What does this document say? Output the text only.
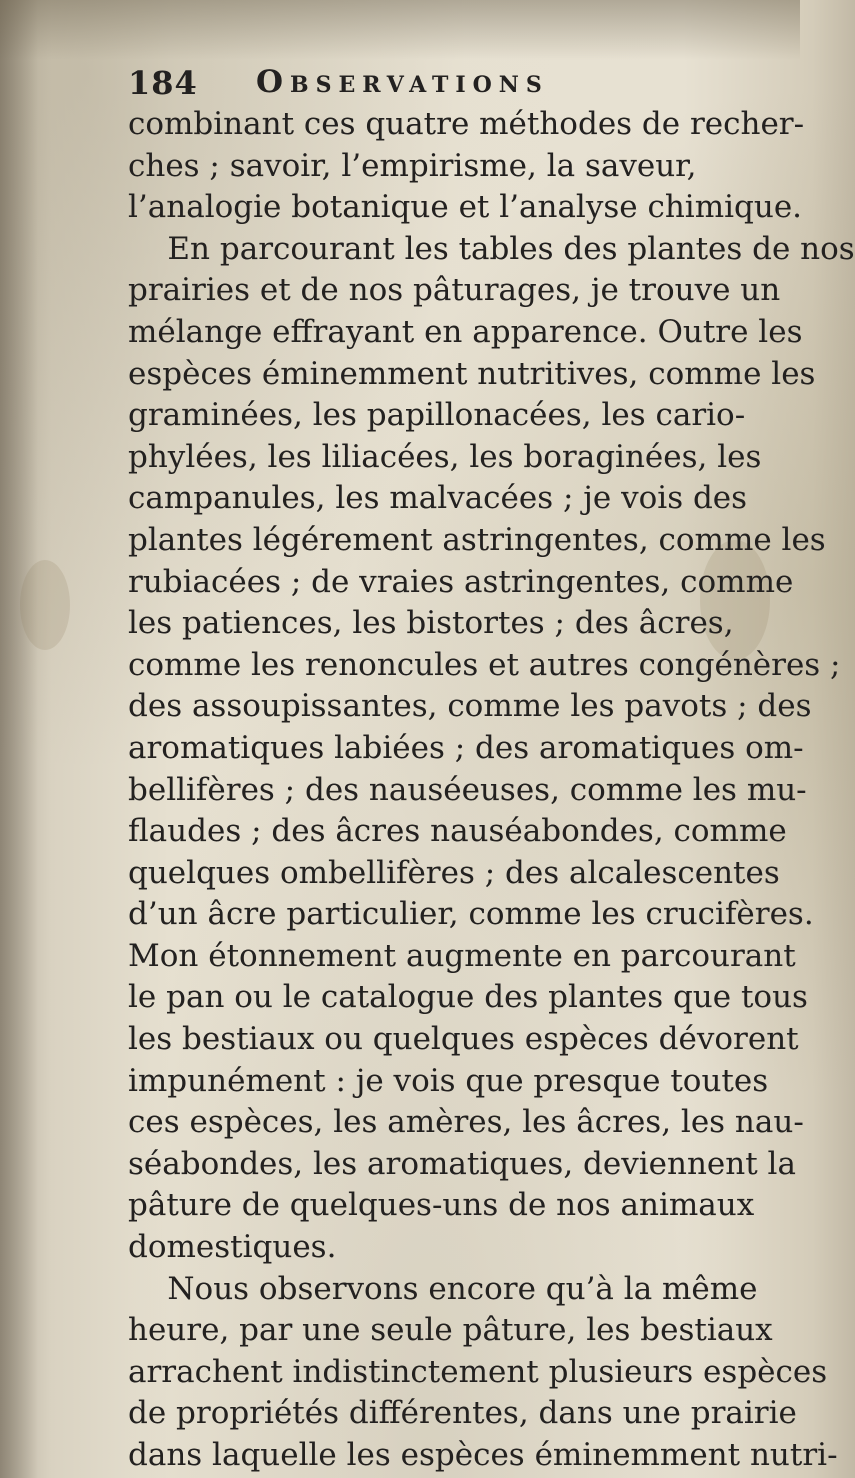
184 Observations
combinant ces quatre méthodes de recher-
ches ; savoir, l’empirisme, la saveur,
l’analogie botanique et l’analyse chimique.
En parcourant les tables des plantes de nos
prairies et de nos pâturages, je trouve un
mélange effrayant en apparence. Outre les
espèces éminemment nutritives, comme les
graminées, les papillonacées, les cario-
phylées, les liliacées, les boraginées, les
campanules, les malvacées ; je vois des
plantes légérement astringentes, comme les
rubiacées ; de vraies astringentes, comme
les patiences, les bistortes ; des âcres,
comme les renoncules et autres congénères ;
des assoupissantes, comme les pavots ; des
aromatiques labiées ; des aromatiques om-
bellifères ; des nauséeuses, comme les mu-
flaudes ; des âcres nauséabondes, comme
quelques ombellifères ; des alcalescentes
d’un âcre particulier, comme les crucifères.
Mon étonnement augmente en parcourant
le pan ou le catalogue des plantes que tous
les bestiaux ou quelques espèces dévorent
impunément : je vois que presque toutes
ces espèces, les amères, les âcres, les nau-
séabondes, les aromatiques, deviennent la
pâture de quelques-uns de nos animaux
domestiques.
Nous observons encore qu’à la même
heure, par une seule pâture, les bestiaux
arrachent indistinctement plusieurs espèces
de propriétés différentes, dans une prairie
dans laquelle les espèces éminemment nutri-
